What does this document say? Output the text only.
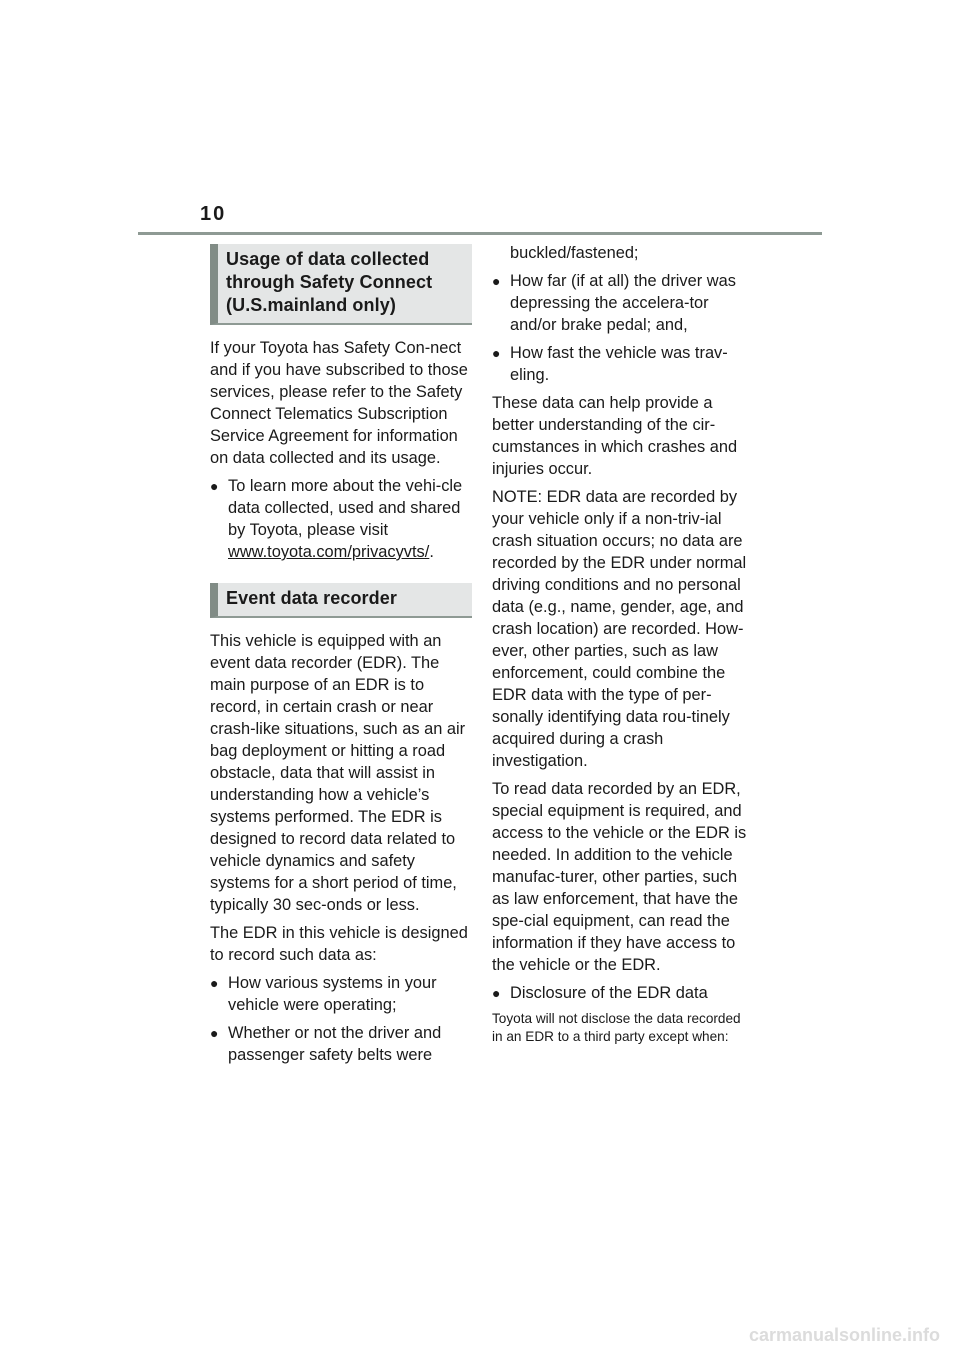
10
Usage of data collected through Safety Connect (U.S.mainland only)

If your Toyota has Safety Con-nect and if you have subscribed to those services, please refer to the Safety Connect Telematics Subscription Service Agreement for information on data collected and its usage.

● To learn more about the vehi-cle data collected, used and shared by Toyota, please visit www.toyota.com/privacyvts/.
Event data recorder

This vehicle is equipped with an event data recorder (EDR). The main purpose of an EDR is to record, in certain crash or near crash-like situations, such as an air bag deployment or hitting a road obstacle, data that will assist in understanding how a vehicle’s systems performed. The EDR is designed to record data related to vehicle dynamics and safety systems for a short period of time, typically 30 sec-onds or less.

The EDR in this vehicle is designed to record such data as:

● How various systems in your vehicle were operating;
● Whether or not the driver and passenger safety belts were

buckled/fastened;

● How far (if at all) the driver was depressing the accelera-tor and/or brake pedal; and,
● How fast the vehicle was trav-eling.

These data can help provide a better understanding of the cir-cumstances in which crashes and injuries occur.

NOTE: EDR data are recorded by your vehicle only if a non-triv-ial crash situation occurs; no data are recorded by the EDR under normal driving conditions and no personal data (e.g., name, gender, age, and crash location) are recorded. How-ever, other parties, such as law enforcement, could combine the EDR data with the type of per-sonally identifying data rou-tinely acquired during a crash investigation.

To read data recorded by an EDR, special equipment is required, and access to the vehicle or the EDR is needed. In addition to the vehicle manufac-turer, other parties, such as law enforcement, that have the spe-cial equipment, can read the information if they have access to the vehicle or the EDR.

● Disclosure of the EDR data

Toyota will not disclose the data recorded in an EDR to a third party except when:

carmanualsonline.info
